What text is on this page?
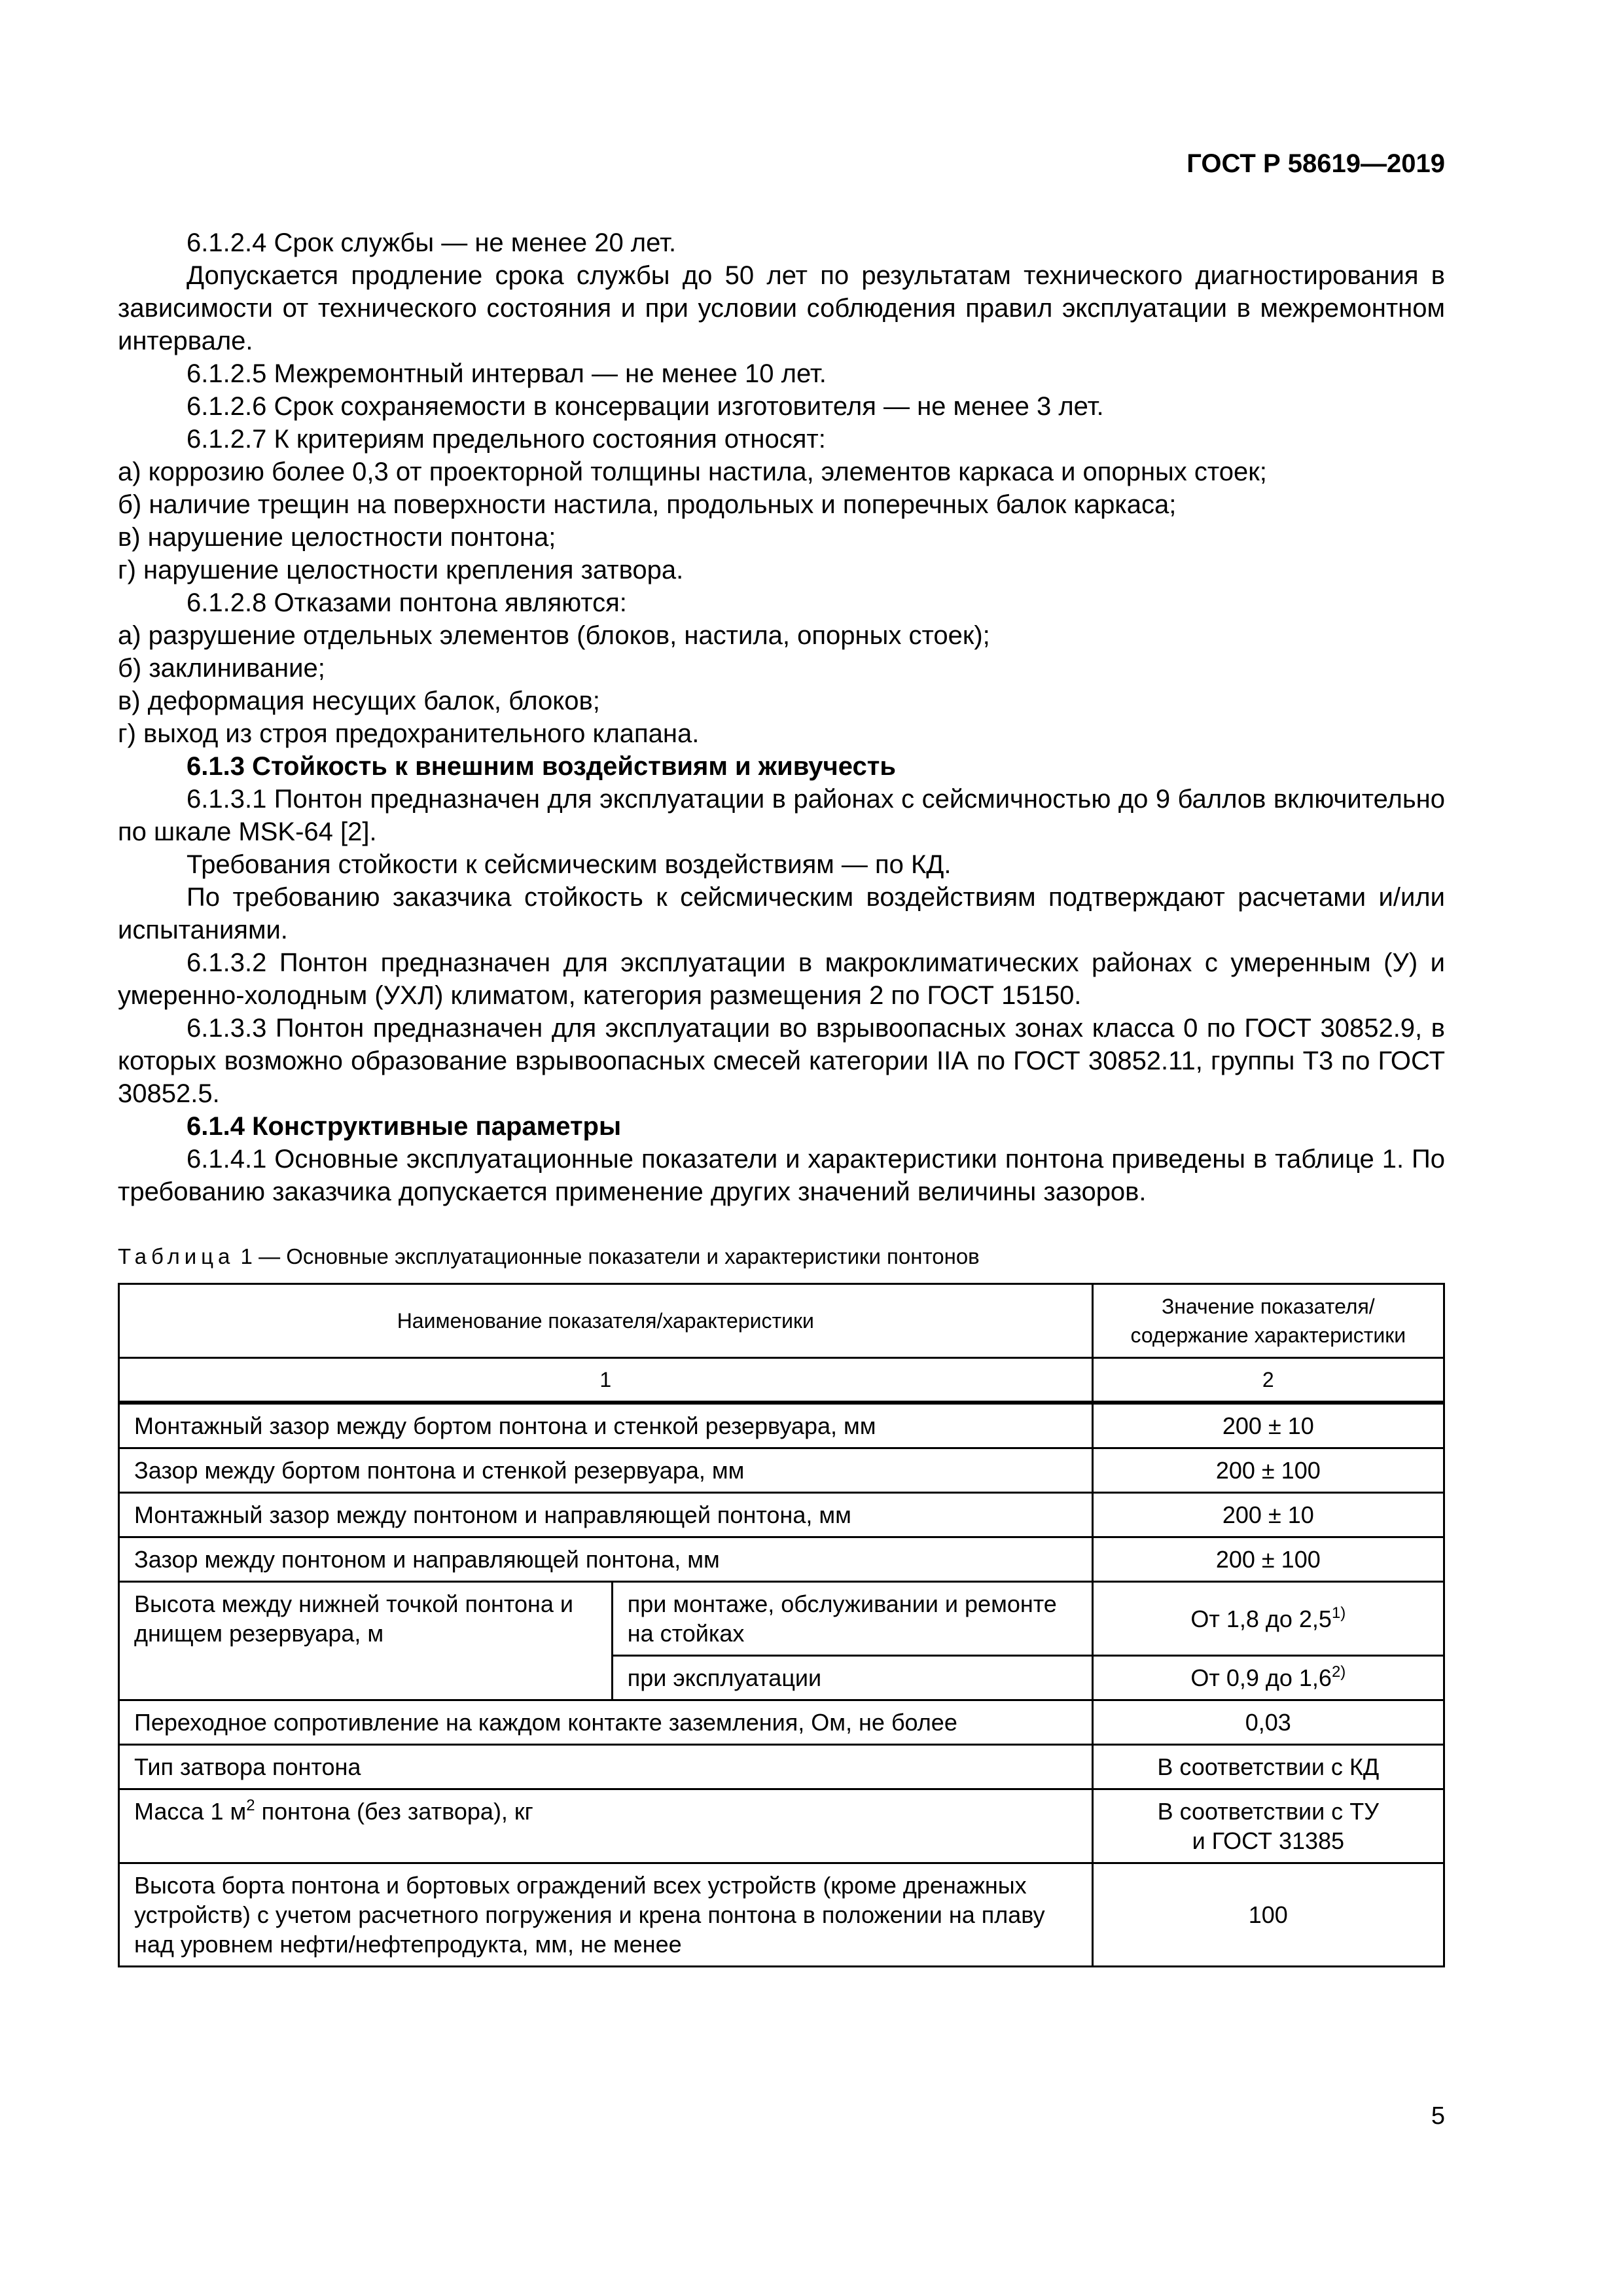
ГОСТ Р 58619—2019

6.1.2.4 Срок службы — не менее 20 лет.

Допускается продление срока службы до 50 лет по результатам технического диагностирования в зависимости от технического состояния и при условии соблюдения правил эксплуатации в межремонтном интервале.

6.1.2.5 Межремонтный интервал — не менее 10 лет.

6.1.2.6 Срок сохраняемости в консервации изготовителя — не менее 3 лет.

6.1.2.7 К критериям предельного состояния относят:

а) коррозию более 0,3 от проекторной толщины настила, элементов каркаса и опорных стоек;

б) наличие трещин на поверхности настила, продольных и поперечных балок каркаса;

в) нарушение целостности понтона;

г) нарушение целостности крепления затвора.

6.1.2.8 Отказами понтона являются:

а) разрушение отдельных элементов (блоков, настила, опорных стоек);

б) заклинивание;

в) деформация несущих балок, блоков;

г) выход из строя предохранительного клапана.

6.1.3 Стойкость к внешним воздействиям и живучесть

6.1.3.1 Понтон предназначен для эксплуатации в районах с сейсмичностью до 9 баллов включительно по шкале MSK-64 [2].

Требования стойкости к сейсмическим воздействиям — по КД.

По требованию заказчика стойкость к сейсмическим воздействиям подтверждают расчетами и/или испытаниями.

6.1.3.2 Понтон предназначен для эксплуатации в макроклиматических районах с умеренным (У) и умеренно-холодным (УХЛ) климатом, категория размещения 2 по ГОСТ 15150.

6.1.3.3 Понтон предназначен для эксплуатации во взрывоопасных зонах класса 0 по ГОСТ 30852.9, в которых возможно образование взрывоопасных смесей категории IIА по ГОСТ 30852.11, группы Т3 по ГОСТ 30852.5.

6.1.4 Конструктивные параметры

6.1.4.1 Основные эксплуатационные показатели и характеристики понтона приведены в таблице 1. По требованию заказчика допускается применение других значений величины зазоров.

Таблица 1 — Основные эксплуатационные показатели и характеристики понтонов
Наименование показателя/характеристики		Значение показателя/ содержание характеристики
1		2
Монтажный зазор между бортом понтона и стенкой резервуара, мм		200 ± 10
Зазор между бортом понтона и стенкой резервуара, мм		200 ± 100
Монтажный зазор между понтоном и направляющей понтона, мм		200 ± 10
Зазор между понтоном и направляющей понтона, мм		200 ± 100
Высота между нижней точкой понтона и днищем резервуара, м	при монтаже, обслуживании и ремонте на стойках	От 1,8 до 2,5$^{1)}$
	при эксплуатации	От 0,9 до 1,6$^{2)}$
Переходное сопротивление на каждом контакте заземления, Ом, не более		0,03
Тип затвора понтона		В соответствии с КД
Масса 1 $м^2$ понтона (без затвора), кг		В соответствии с ТУ
и ГОСТ 31385
Высота борта понтона и бортовых ограждений всех устройств (кроме дренажных устройств) с учетом расчетного погружения и крена понтона в положении на плаву над уровнем нефти/нефтепродукта, мм, не менее		100
5
